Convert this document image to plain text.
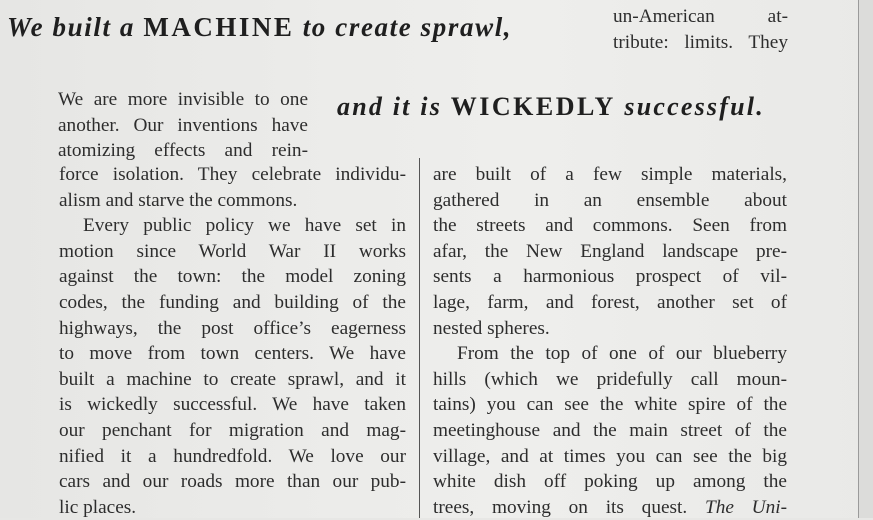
We built a MACHINE to create sprawl,
and it is WICKEDLY successful.
un-American at-
tribute: limits. They
We are more invisible to one
another. Our inventions have
atomizing effects and rein-
force isolation. They celebrate individu-
alism and starve the commons.
Every public policy we have set in
motion since World War II works
against the town: the model zoning
codes, the funding and building of the
highways, the post office’s eagerness
to move from town centers. We have
built a machine to create sprawl, and it
is wickedly successful. We have taken
our penchant for migration and mag-
nified it a hundredfold. We love our
cars and our roads more than our pub-
lic places.
are built of a few simple materials,
gathered in an ensemble about
the streets and commons. Seen from
afar, the New England landscape pre-
sents a harmonious prospect of vil-
lage, farm, and forest, another set of
nested spheres.
From the top of one of our blueberry
hills (which we pridefully call moun-
tains) you can see the white spire of the
meetinghouse and the main street of the
village, and at times you can see the big
white dish off poking up among the
trees, moving on its quest. The Uni-
